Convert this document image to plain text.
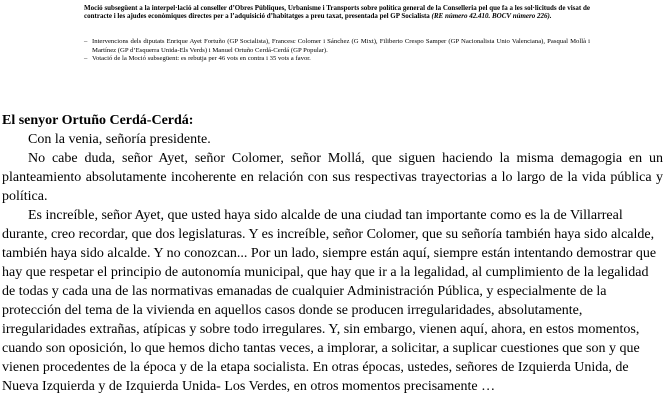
Moció subsegüent a la interpel·lació al conseller d’Obres Públiques, Urbanisme i Transports sobre política general de la Conselleria pel que fa a les sol·licituds de visat de contracte i les ajudes econòmiques directes per a l’adquisició d’habitatges a preu taxat, presentada pel GP Socialista (RE número 42.410. BOCV número 226).
– Intervencions dels diputats Enrique Ayet Fortuño (GP Socialista), Francesc Colomer i Sánchez (G Mixt), Filiberto Crespo Samper (GP Nacionalista Unio Valenciana), Pasqual Mollà i Martínez (GP d’Esquerra Unida-Els Verds) i Manuel Ortuño Cerdá-Cerdá (GP Popular).
– Votació de la Moció subsegüent: es rebutja per 46 vots en contra i 35 vots a favor.

El senyor Ortuño Cerdá-Cerdá:

Con la venia, señoría presidente.

No cabe duda, señor Ayet, señor Colomer, señor Mollá, que siguen haciendo la misma demagogia en un planteamiento absolutamente incoherente en relación con sus respectivas trayectorias a lo largo de la vida pública y política.

Es increíble, señor Ayet, que usted haya sido alcalde de una ciudad tan importante como es la de Villarreal durante, creo recordar, que dos legislaturas. Y es increíble, señor Colomer, que su señoría también haya sido alcalde, también haya sido alcalde. Y no conozcan... Por un lado, siempre están aquí, siempre están intentando demostrar que hay que respetar el principio de autonomía municipal, que hay que ir a la legalidad, al cumplimiento de la legalidad de todas y cada una de las normativas emanadas de cualquier Administración Pública, y especialmente de la protección del tema de la vivienda en aquellos casos donde se producen irregularidades, absolutamente, irregularidades extrañas, atípicas y sobre todo irregulares. Y, sin embargo, vienen aquí, ahora, en estos momentos, cuando son oposición, lo que hemos dicho tantas veces, a implorar, a solicitar, a suplicar cuestiones que son y que vienen procedentes de la época y de la etapa socialista. En otras épocas, ustedes, señores de Izquierda Unida, de Nueva Izquierda y de Izquierda Unida- Los Verdes, en otros momentos precisamente …
